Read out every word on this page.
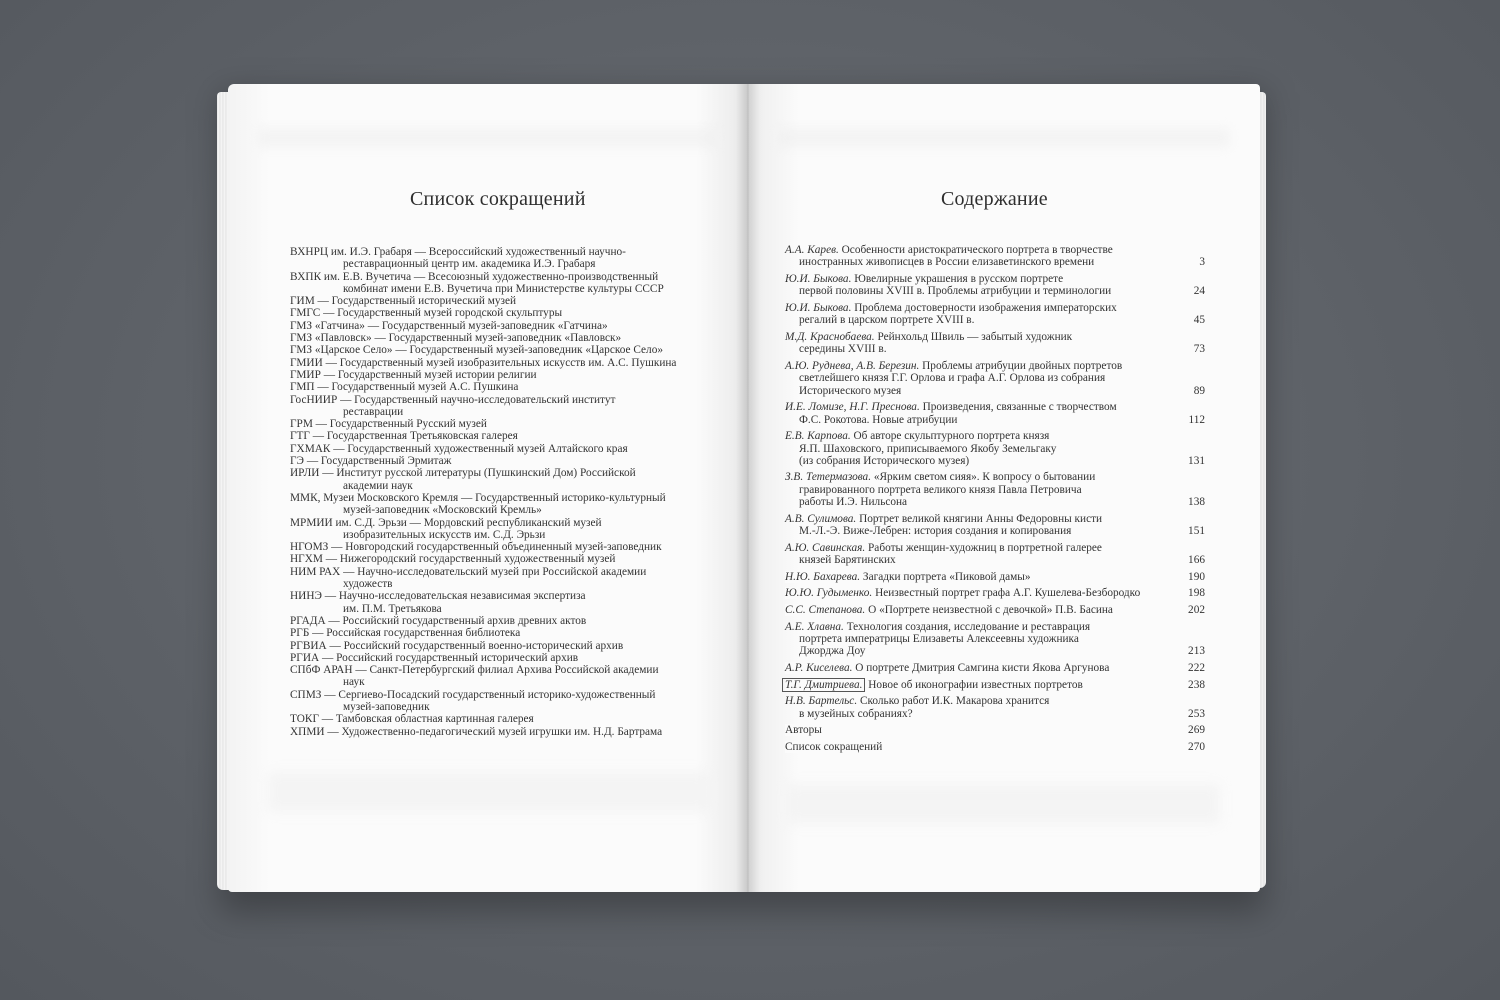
Список сокращений
ВХНРЦ им. И.Э. Грабаря — Всероссийский художественный научно-
реставрационный центр им. академика И.Э. Грабаря
ВХПК им. Е.В. Вучетича — Всесоюзный художественно-производственный
комбинат имени Е.В. Вучетича при Министерстве культуры СССР
ГИМ — Государственный исторический музей
ГМГС — Государственный музей городской скульптуры
ГМЗ «Гатчина» — Государственный музей-заповедник «Гатчина»
ГМЗ «Павловск» — Государственный музей-заповедник «Павловск»
ГМЗ «Царское Село» — Государственный музей-заповедник «Царское Село»
ГМИИ — Государственный музей изобразительных искусств им. А.С. Пушкина
ГМИР — Государственный музей истории религии
ГМП — Государственный музей А.С. Пушкина
ГосНИИР — Государственный научно-исследовательский институт
реставрации
ГРМ — Государственный Русский музей
ГТГ — Государственная Третьяковская галерея
ГХМАК — Государственный художественный музей Алтайского края
ГЭ — Государственный Эрмитаж
ИРЛИ — Институт русской литературы (Пушкинский Дом) Российской
академии наук
ММК, Музеи Московского Кремля — Государственный историко-культурный
музей-заповедник «Московский Кремль»
МРМИИ им. С.Д. Эрьзи — Мордовский республиканский музей
изобразительных искусств им. С.Д. Эрьзи
НГОМЗ — Новгородский государственный объединенный музей-заповедник
НГХМ — Нижегородский государственный художественный музей
НИМ РАХ — Научно-исследовательский музей при Российской академии
художеств
НИНЭ — Научно-исследовательская независимая экспертиза
им. П.М. Третьякова
РГАДА — Российский государственный архив древних актов
РГБ — Российская государственная библиотека
РГВИА — Российский государственный военно-исторический архив
РГИА — Российский государственный исторический архив
СПбФ АРАН — Санкт-Петербургский филиал Архива Российской академии
наук
СПМЗ — Сергиево-Посадский государственный историко-художественный
музей-заповедник
ТОКГ — Тамбовская областная картинная галерея
ХПМИ — Художественно-педагогический музей игрушки им. Н.Д. Бартрама
Содержание
А.А. Карев. Особенности аристократического портрета в творчестве
иностранных живописцев в России елизаветинского времени	3
Ю.И. Быкова. Ювелирные украшения в русском портрете
первой половины XVIII в. Проблемы атрибуции и терминологии	24
Ю.И. Быкова. Проблема достоверности изображения императорских
регалий в царском портрете XVIII в.	45
М.Д. Краснобаева. Рейнхольд Швиль — забытый художник
середины XVIII в.	73
А.Ю. Руднева, А.В. Березин. Проблемы атрибуции двойных портретов
светлейшего князя Г.Г. Орлова и графа А.Г. Орлова из собрания
Исторического музея	89
И.Е. Ломизе, Н.Г. Преснова. Произведения, связанные с творчеством
Ф.С. Рокотова. Новые атрибуции	112
Е.В. Карпова. Об авторе скульптурного портрета князя
Я.П. Шаховского, приписываемого Якобу Земельгаку
(из собрания Исторического музея)	131
З.В. Тетермазова. «Ярким светом сияя». К вопросу о бытовании
гравированного портрета великого князя Павла Петровича
работы И.Э. Нильсона	138
А.В. Сулимова. Портрет великой княгини Анны Федоровны кисти
М.-Л.-Э. Виже-Лебрен: история создания и копирования	151
А.Ю. Савинская. Работы женщин-художниц в портретной галерее
князей Барятинских	166
Н.Ю. Бахарева. Загадки портрета «Пиковой дамы»	190
Ю.Ю. Гудыменко. Неизвестный портрет графа А.Г. Кушелева-Безбородко	198
С.С. Степанова. О «Портрете неизвестной с девочкой» П.В. Басина	202
А.Е. Хлавна. Технология создания, исследование и реставрация
портрета императрицы Елизаветы Алексеевны художника
Джорджа Доу	213
А.Р. Киселева. О портрете Дмитрия Самгина кисти Якова Аргунова	222
Т.Г. Дмитриева. Новое об иконографии известных портретов	238
Н.В. Бартельс. Сколько работ И.К. Макарова хранится
в музейных собраниях?	253
Авторы	269
Список сокращений	270
